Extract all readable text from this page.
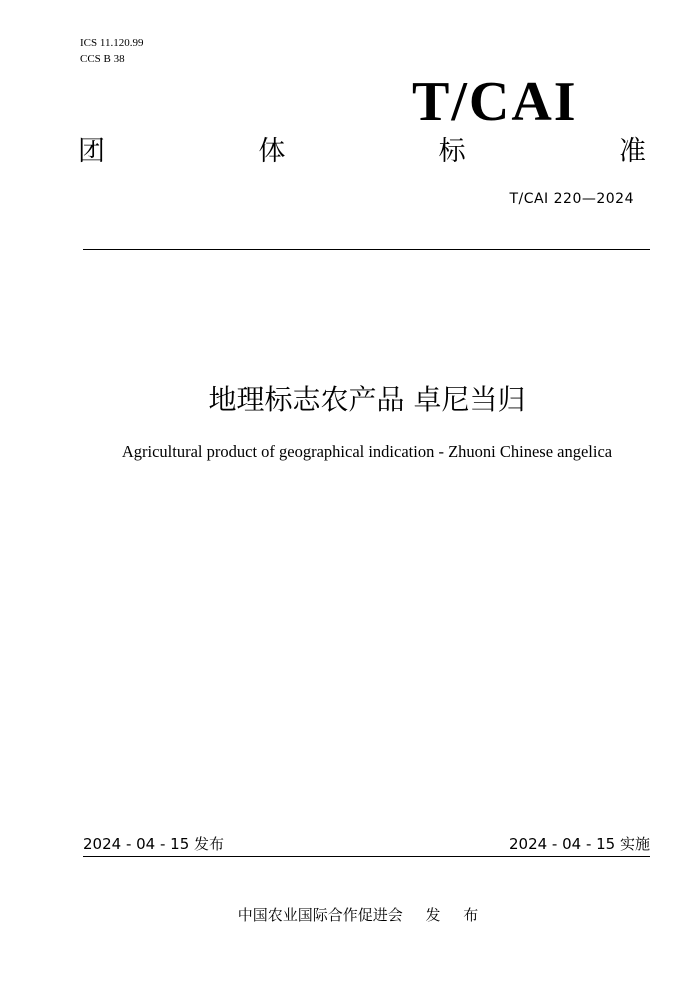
ICS 11.120.99
CCS B 38
T/CAI
团	体	标	准
T/CAI 220—2024
地理标志农产品 卓尼当归
Agricultural product of geographical indication - Zhuoni Chinese angelica
2024 - 04 - 15 发布	2024 - 04 - 15 实施
中国农业国际合作促进会 发 布
